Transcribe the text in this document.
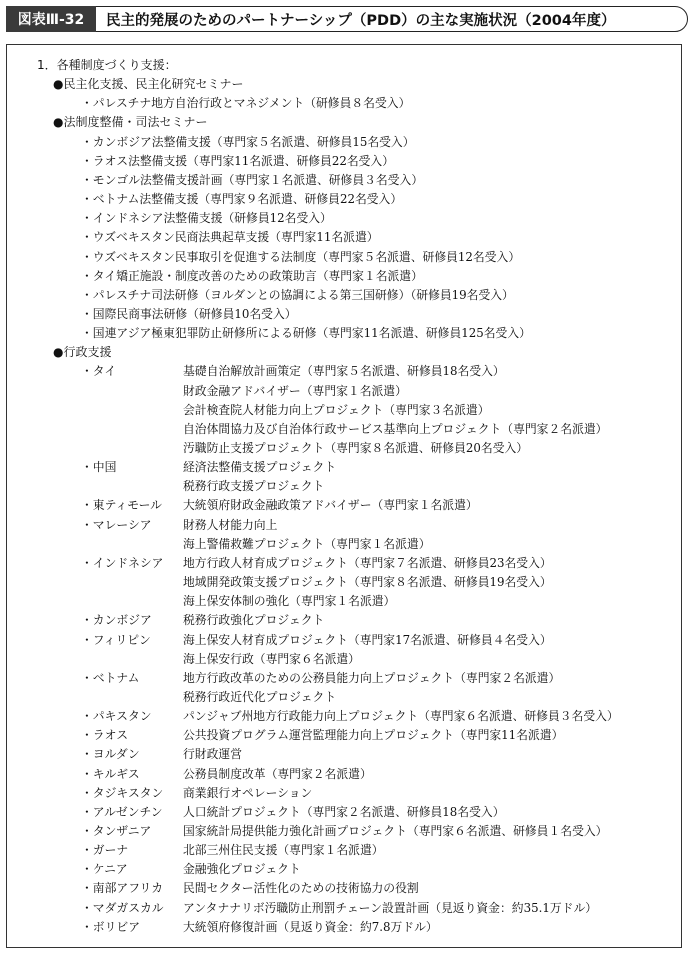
図表Ⅲ-32	民主的発展のためのパートナーシップ（PDD）の主な実施状況（2004年度）
1．各種制度づくり支援：
●民主化支援、民主化研究セミナー
・パレスチナ地方自治行政とマネジメント（研修員８名受入）
●法制度整備・司法セミナー
・カンボジア法整備支援（専門家５名派遣、研修員15名受入）
・ラオス法整備支援（専門家11名派遣、研修員22名受入）
・モンゴル法整備支援計画（専門家１名派遣、研修員３名受入）
・ベトナム法整備支援（専門家９名派遣、研修員22名受入）
・インドネシア法整備支援（研修員12名受入）
・ウズベキスタン民商法典起草支援（専門家11名派遣）
・ウズベキスタン民事取引を促進する法制度（専門家５名派遣、研修員12名受入）
・タイ矯正施設・制度改善のための政策助言（専門家１名派遣）
・パレスチナ司法研修（ヨルダンとの協調による第三国研修）（研修員19名受入）
・国際民商事法研修（研修員10名受入）
・国連アジア極東犯罪防止研修所による研修（専門家11名派遣、研修員125名受入）
●行政支援
・タイ	基礎自治解放計画策定（専門家５名派遣、研修員18名受入）
財政金融アドバイザー（専門家１名派遣）
会計検査院人材能力向上プロジェクト（専門家３名派遣）
自治体間協力及び自治体行政サービス基準向上プロジェクト（専門家２名派遣）
汚職防止支援プロジェクト（専門家８名派遣、研修員20名受入）
・中国	経済法整備支援プロジェクト
税務行政支援プロジェクト
・東ティモール 大統領府財政金融政策アドバイザー（専門家１名派遣）
・マレーシア	財務人材能力向上
海上警備救難プロジェクト（専門家１名派遣）
・インドネシア 地方行政人材育成プロジェクト（専門家７名派遣、研修員23名受入）
地域開発政策支援プロジェクト（専門家８名派遣、研修員19名受入）
海上保安体制の強化（専門家１名派遣）
・カンボジア	税務行政強化プロジェクト
・フィリピン	海上保安人材育成プロジェクト（専門家17名派遣、研修員４名受入）
海上保安行政（専門家６名派遣）
・ベトナム	地方行政改革のための公務員能力向上プロジェクト（専門家２名派遣）
税務行政近代化プロジェクト
・パキスタン	パンジャブ州地方行政能力向上プロジェクト（専門家６名派遣、研修員３名受入）
・ラオス	公共投資プログラム運営監理能力向上プロジェクト（専門家11名派遣）
・ヨルダン	行財政運営
・キルギス	公務員制度改革（専門家２名派遣）
・タジキスタン 商業銀行オペレーション
・アルゼンチン 人口統計プロジェクト（専門家２名派遣、研修員18名受入）
・タンザニア	国家統計局提供能力強化計画プロジェクト（専門家６名派遣、研修員１名受入）
・ガーナ	北部三州住民支援（専門家１名派遣）
・ケニア	金融強化プロジェクト
・南部アフリカ 民間セクター活性化のための技術協力の役割
・マダガスカル アンタナナリボ汚職防止刑罰チェーン設置計画（見返り資金：約35.1万ドル）
・ボリビア	大統領府修復計画（見返り資金：約7.8万ドル）
